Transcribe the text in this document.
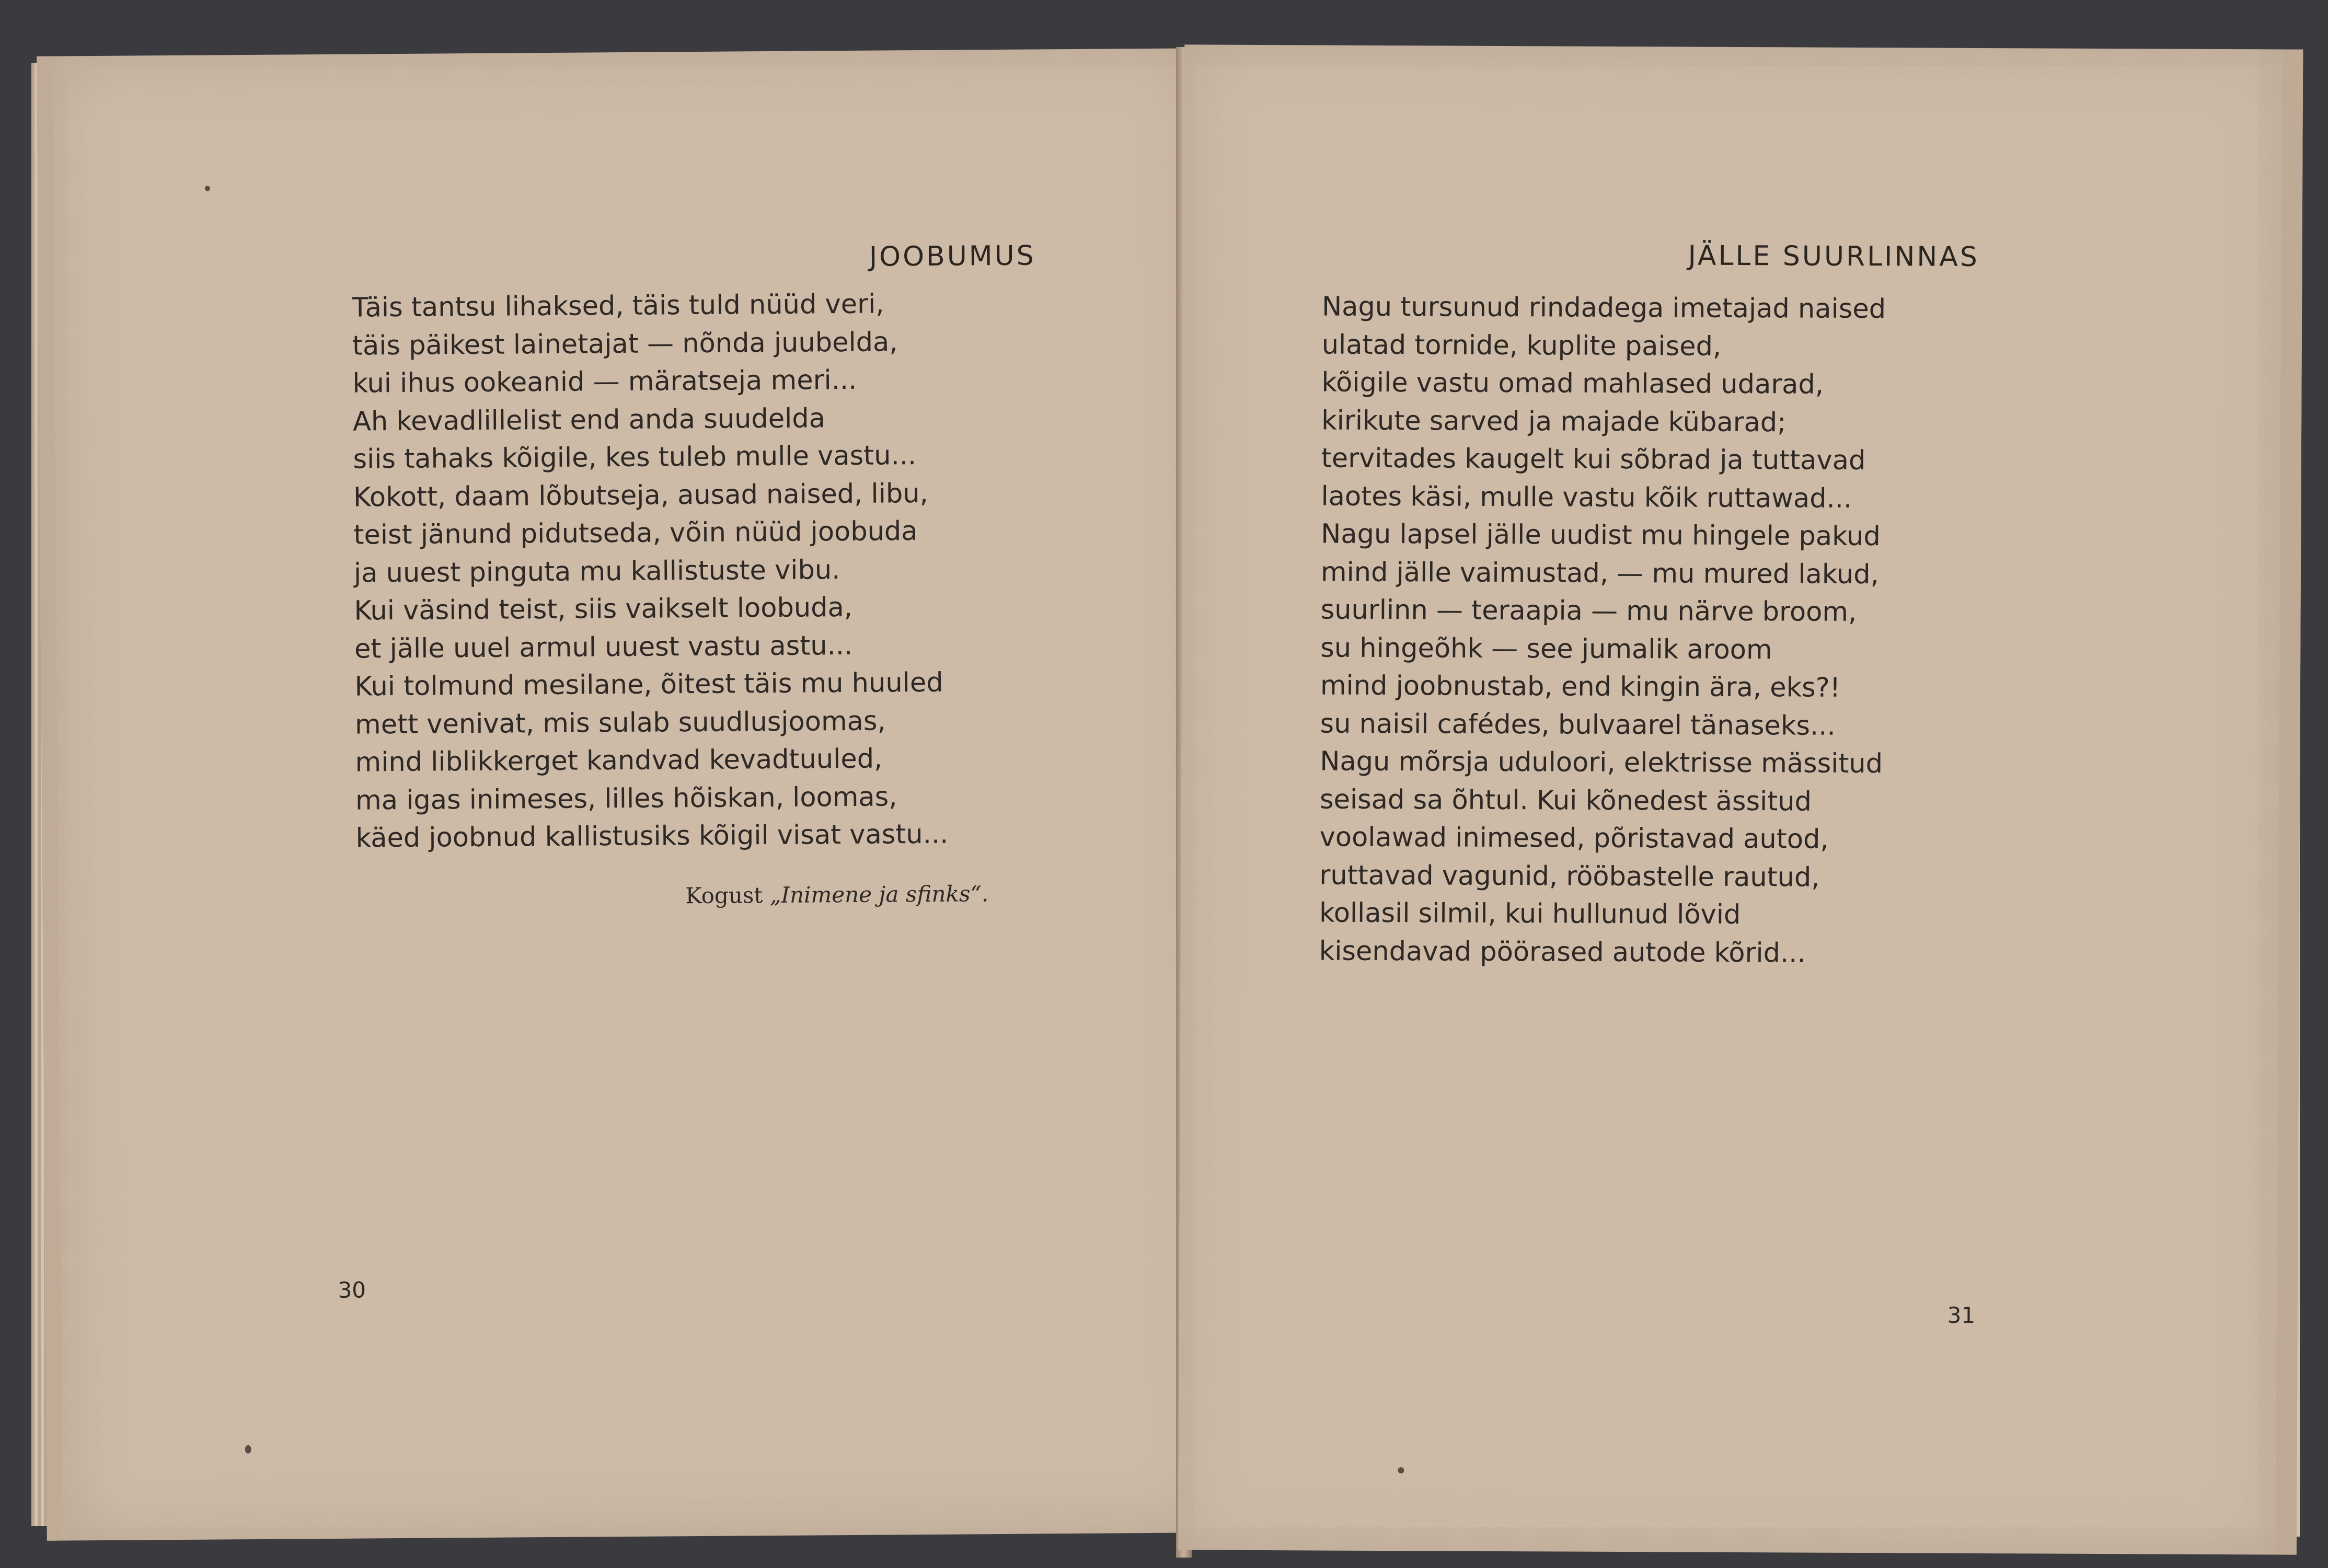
JOOBUMUS
Täis tantsu lihaksed, täis tuld nüüd veri,
täis päikest lainetajat — nõnda juubelda,
kui ihus ookeanid — märatseja meri...
Ah kevadlillelist end anda suudelda
siis tahaks kõigile, kes tuleb mulle vastu...
Kokott, daam lõbutseja, ausad naised, libu,
teist jänund pidutseda, võin nüüd joobuda
ja uuest pinguta mu kallistuste vibu.
Kui väsind teist, siis vaikselt loobuda,
et jälle uuel armul uuest vastu astu...
Kui tolmund mesilane, õitest täis mu huuled
mett venivat, mis sulab suudlusjoomas,
mind liblikkerget kandvad kevadtuuled,
ma igas inimeses, lilles hõiskan, loomas,
käed joobnud kallistusiks kõigil visat vastu...
Kogust „Inimene ja sfinks“.
30
JÄLLE SUURLINNAS
Nagu tursunud rindadega imetajad naised
ulatad tornide, kuplite paised,
kõigile vastu omad mahlased udarad,
kirikute sarved ja majade kübarad;
tervitades kaugelt kui sõbrad ja tuttavad
laotes käsi, mulle vastu kõik ruttawad...
Nagu lapsel jälle uudist mu hingele pakud
mind jälle vaimustad, — mu mured lakud,
suurlinn — teraapia — mu närve broom,
su hingeõhk — see jumalik aroom
mind joobnustab, end kingin ära, eks?!
su naisil cafédes, bulvaarel tänaseks...
Nagu mõrsja uduloori, elektrisse mässitud
seisad sa õhtul. Kui kõnedest ässitud
voolawad inimesed, põristavad autod,
ruttavad vagunid, rööbastelle rautud,
kollasil silmil, kui hullunud lõvid
kisendavad pöörased autode kõrid...
31
